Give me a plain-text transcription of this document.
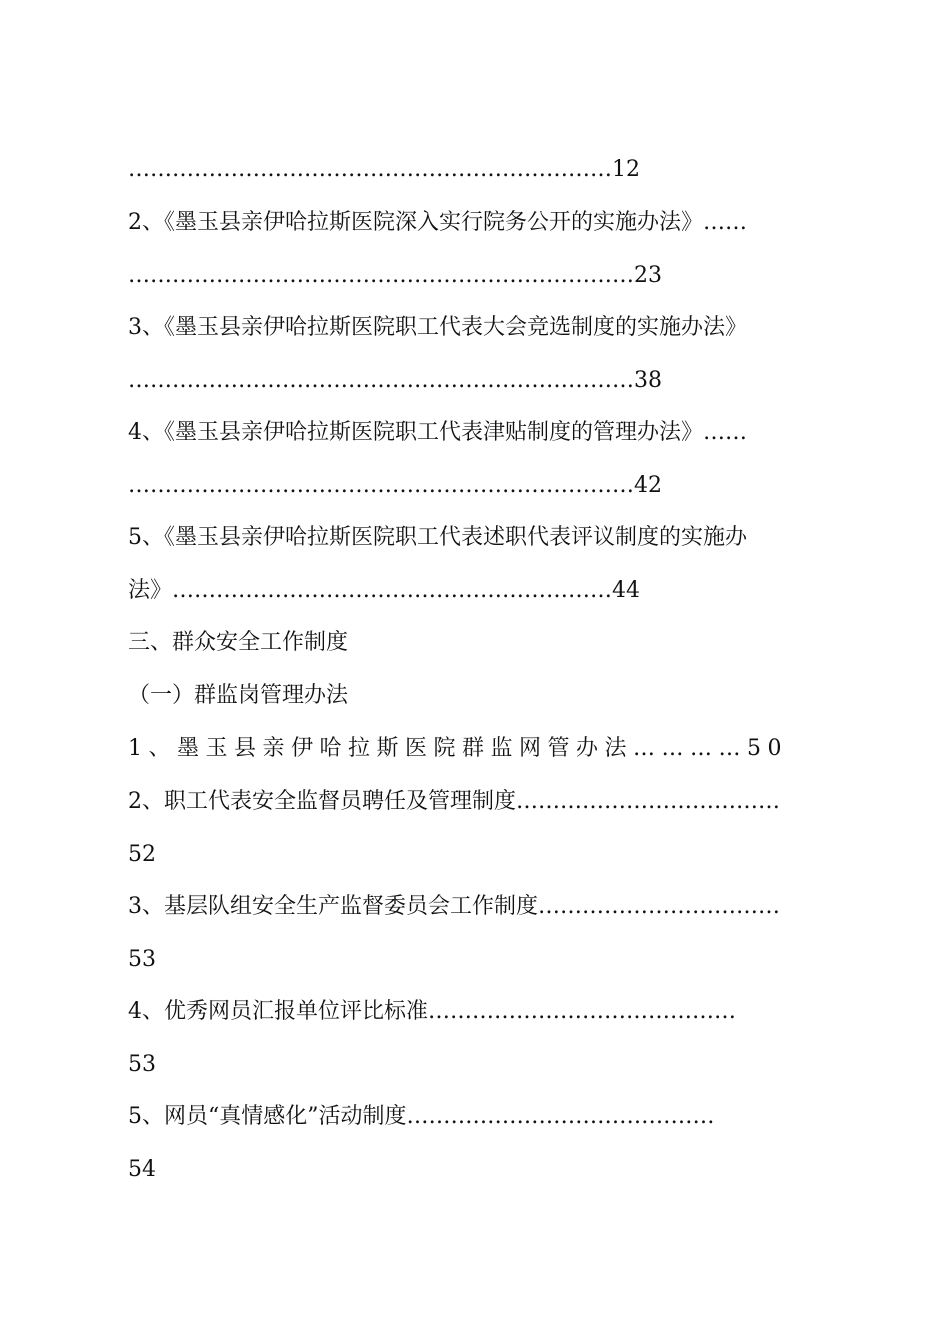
…………………………………………………………12
2、《墨玉县亲伊哈拉斯医院深入实行院务公开的实施办法》……
……………………………………………………………23
3、《墨玉县亲伊哈拉斯医院职工代表大会竞选制度的实施办法》
……………………………………………………………38
4、《墨玉县亲伊哈拉斯医院职工代表津贴制度的管理办法》……
……………………………………………………………42
5、《墨玉县亲伊哈拉斯医院职工代表述职代表评议制度的实施办
法》……………………………………………………44
三、群众安全工作制度
（一）群监岗管理办法
1、墨玉县亲伊哈拉斯医院群监网管办法…………50
2、职工代表安全监督员聘任及管理制度………………………………
52
3、基层队组安全生产监督委员会工作制度……………………………
53
4、优秀网员汇报单位评比标准……………………………………
53
5、网员“真情感化”活动制度……………………………………
54
